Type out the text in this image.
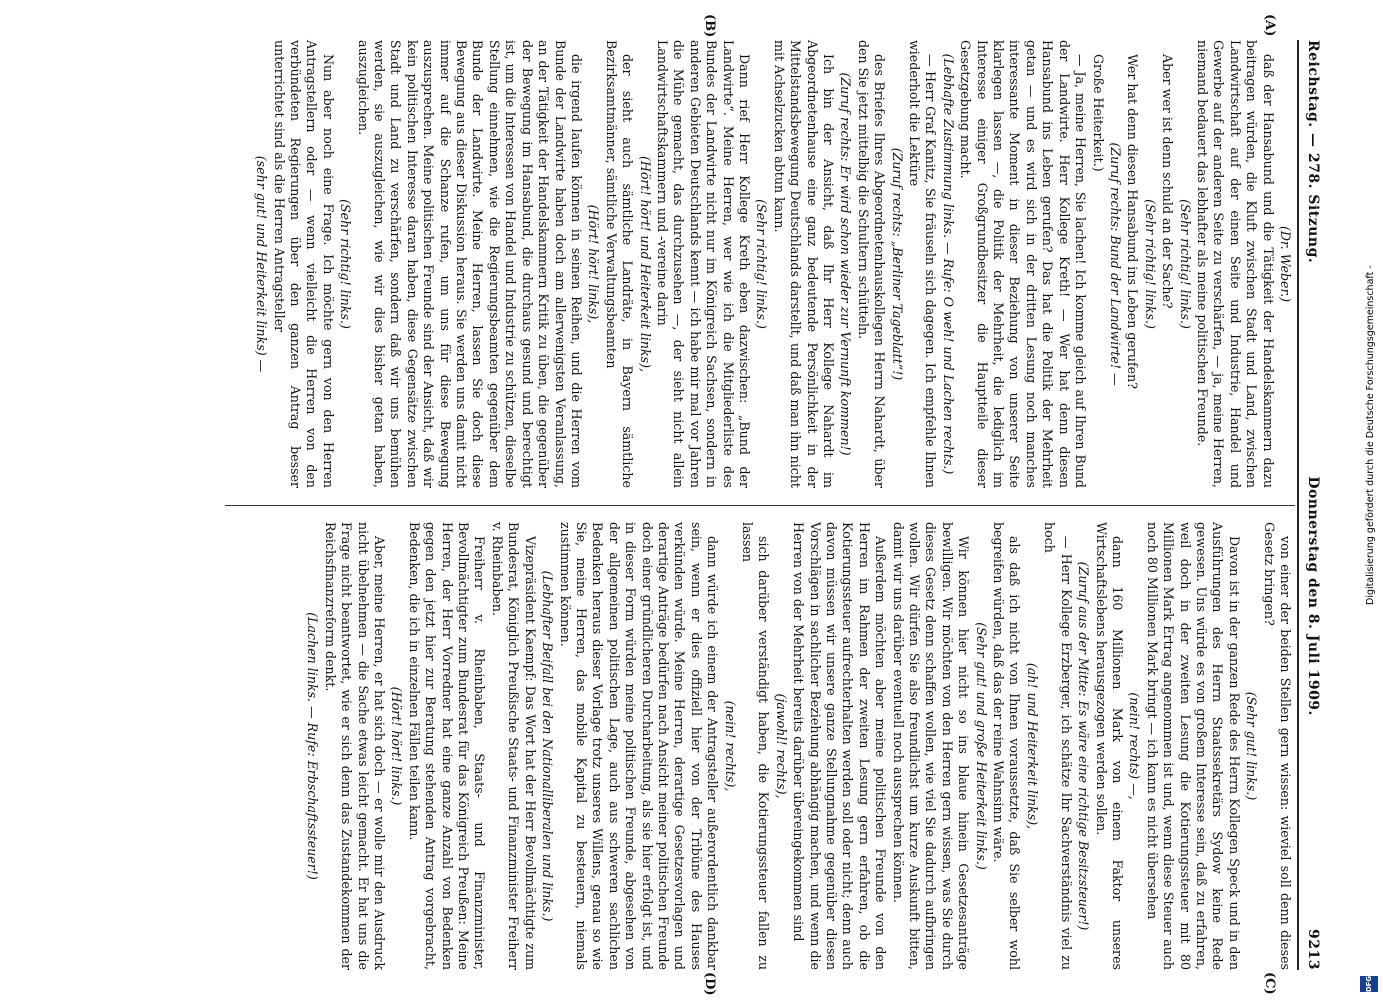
Reichstag. — 278. Sitzung.
Donnerstag den 8. Juli 1909.
9213
(A)
(B)
(C)
(D)

(Dr. Weber.)

daß der Hansabund und die Tätigkeit der Handelskammern dazu beitragen würden, die Kluft zwischen Stadt und Land, zwischen Landwirtschaft auf der einen Seite und Industrie, Handel und Gewerbe auf der anderen Seite zu verschärfen, — ja, meine Herren, niemand bedauert das lebhafter als meine politischen Freunde.

(Sehr richtig! links.)

Aber wer ist denn schuld an der Sache?

(Sehr richtig! links.)

Wer hat denn diesen Hansabund ins Leben gerufen?

(Zuruf rechts: Bund der Landwirte! —

Große Heiterkeit.)

— Ja, meine Herren, Sie lachen! Ich komme gleich auf Ihren Bund der Landwirte. Herr Kollege Kreth! — Wer hat denn diesen Hansabund ins Leben gerufen? Das hat die Politik der Mehrheit getan — und es wird sich in der dritten Lesung noch manches interessante Moment in dieser Beziehung von unserer Seite klarlegen lassen —, die Politik der Mehrheit, die lediglich im Interesse einiger Großgrundbesitzer die Hauptteile dieser Gesetzgebung macht.

(Lebhafte Zustimmung links. — Rufe: O weh! und Lachen rechts.)

— Herr Graf Kanitz, Sie fräuseln sich dagegen. Ich empfehle Ihnen wiederholt die Lektüre

(Zuruf rechts: „Berliner Tageblatt“!)

des Briefes Ihres Abgeordnetenhauskollegen Herrn Nahardt, über den Sie jetzt mittelbig die Schultern schütteln.

(Zuruf rechts: Er wird schon wieder zur Vernunft kommen!)

Ich bin der Ansicht, daß Ihr Herr Kollege Nahardt im Abgeordnetenhause eine ganz bedeutende Persönlichkeit in der Mittelstandsbewegung Deutschlands darstellt, und daß man ihn nicht mit Achselzucken abtun kann.

(Sehr richtig! links.)

Dann rief Herr Kollege Kreth eben dazwischen: „Bund der Landwirte“. Meine Herren, wer wie ich die Mitgliederliste des Bundes der Landwirte nicht nur im Königreich Sachsen, sondern in anderen Gebieten Deutschlands kennt — ich habe mir mal vor Jahren die Mühe gemacht, das durchzusehen —, der sieht nicht allein Landwirtschaftskammern und -vereine darin

(Hört! hört! und Heiterkeit links),

der sieht auch sämtliche Landräte, in Bayern sämtliche Bezirksamtmänner, sämtliche Verwaltungsbeamten

(Hört! hört! links),

die irgend laufen können in seinen Reihen, und die Herren vom Bunde der Landwirte haben doch am allerwenigsten Veranlassung, an der Tätigkeit der Handelskammern Kritik zu üben, die gegenüber der Bewegung im Hansabund, die durchaus gesund und berechtigt ist, um die Interessen von Handel und Industrie zu schützen, dieselbe Stellung einnehmen, wie die Regierungsbeamten gegenüber dem Bunde der Landwirte. Meine Herren, lassen Sie doch diese Bewegung aus dieser Diskussion heraus. Sie werden uns damit nicht immer auf die Schanze rufen, um uns für diese Bewegung auszusprechen. Meine politischen Freunde sind der Ansicht, daß wir kein politischen Interesse daran haben, diese Gegensätze zwischen Stadt und Land zu verschärfen, sondern daß wir uns bemühen werden, sie auszugleichen, wie wir dies bisher getan haben, auszugleichen.

(Sehr richtig! links.)

Nun aber noch eine Frage. Ich möchte gern von den Herren Antragstellern oder — wenn vielleicht die Herren von den verbündeten Regierungen über den ganzen Antrag besser unterrichtet sind als die Herren Antragsteller

(sehr gut! und Heiterkeit links) —

von einer der beiden Stellen gern wissen: wieviel soll denn dieses Gesetz bringen?

(Sehr gut! links.)

Davon ist in der ganzen Rede des Herrn Kollegen Speck und in den Ausführungen des Herrn Staatssekretärs Sydow keine Rede gewesen. Uns würde es von großem Interesse sein, daß zu erfahren, weil doch in der zweiten Lesung die Kotierungssteuer mit 80 Millionen Mark Ertrag angenommen ist und, wenn diese Steuer auch noch 80 Millionen Mark bringt — ich kann es nicht übersehen

(nein! rechts) —,

dann 160 Millionen Mark von einem Faktor unseres Wirtschaftslebens herausgezogen werden sollen.

(Zuruf aus der Mitte: Es wäre eine richtige Besitzsteuer!)

— Herr Kollege Erzberger, ich schätze Ihr Sachverständnis viel zu hoch

(ah! und Heiterkeit links),

als daß ich nicht von Ihnen voraussetzte, daß Sie selber wohl begreifen würden, daß das der reine Wahnsinn wäre.

(Sehr gut! und große Heiterkeit links.)

Wir können hier nicht so ins blaue hinein Gesetzesanträge bewilligen. Wir möchten von den Herren gern wissen, was Sie durch dieses Gesetz denn schaffen wollen, wie viel Sie dadurch aufbringen wollen. Wir dürfen Sie also freundlichst um kurze Auskunft bitten, damit wir uns darüber eventuell noch aussprechen können.

Außerdem möchten aber meine politischen Freunde von den Herren im Rahmen der zweiten Lesung gern erfahren, ob die Kotierungssteuer aufrechterhalten werden soll oder nicht; denn auch davon müssen wir unsere ganze Stellungnahme gegenüber diesen Vorschlägen in sachlicher Beziehung abhängig machen, und wenn die Herren von der Mehrheit bereits darüber übereingekommen sind

(jawohl! rechts),

sich darüber verständigt haben, die Kotierungssteuer fallen zu lassen

(nein! rechts),

dann würde ich einem der Antragsteller außerordentlich dankbar sein, wenn er dies offiziell hier von der Tribüne des Hauses verkünden würde. Meine Herren, derartige Gesetzesvorlagen und derartige Anträge bedürfen nach Ansicht meiner politischen Freunde doch einer gründlicheren Durcharbeitung, als sie hier erfolgt ist, und in dieser Form würden meine politischen Freunde, abgesehen von der allgemeinen politischen Lage, auch aus schweren sachlichen Bedenken heraus dieser Vorlage trotz unseres Willens, genau so wie Sie, meine Herren, das mobile Kapital zu besteuern, niemals zustimmen können.

(Lebhafter Beifall bei den Nationalliberalen und links.)

Vizepräsident Kaempf: Das Wort hat der Herr Bevollmächtigte zum Bundesrat, Königlich Preußische Staats- und Finanzminister Freiherr v. Rheinbaben.

Freiherr v. Rheinbaben, Staats- und Finanzminister, Bevollmächtigter zum Bundesrat für das Königreich Preußen: Meine Herren, der Herr Vorredner hat eine ganze Anzahl von Bedenken gegen den jetzt hier zur Beratung stehenden Antrag vorgebracht, Bedenken, die ich in einzelnen Fällen teilen kann.

(Hört! hört! links.)

Aber, meine Herren, er hat sich doch — er wolle mir den Ausdruck nicht übelnehmen — die Sache etwas leicht gemacht. Er hat uns die Frage nicht beantwortet, wie er sich denn das Zustandekommen der Reichsfinanzreform denkt.

(Lachen links. — Rufe: Erbschaftssteuer!)

Digitalisierung gefördert durch die Deutsche Forschungsgemeinschaft -
DFG
